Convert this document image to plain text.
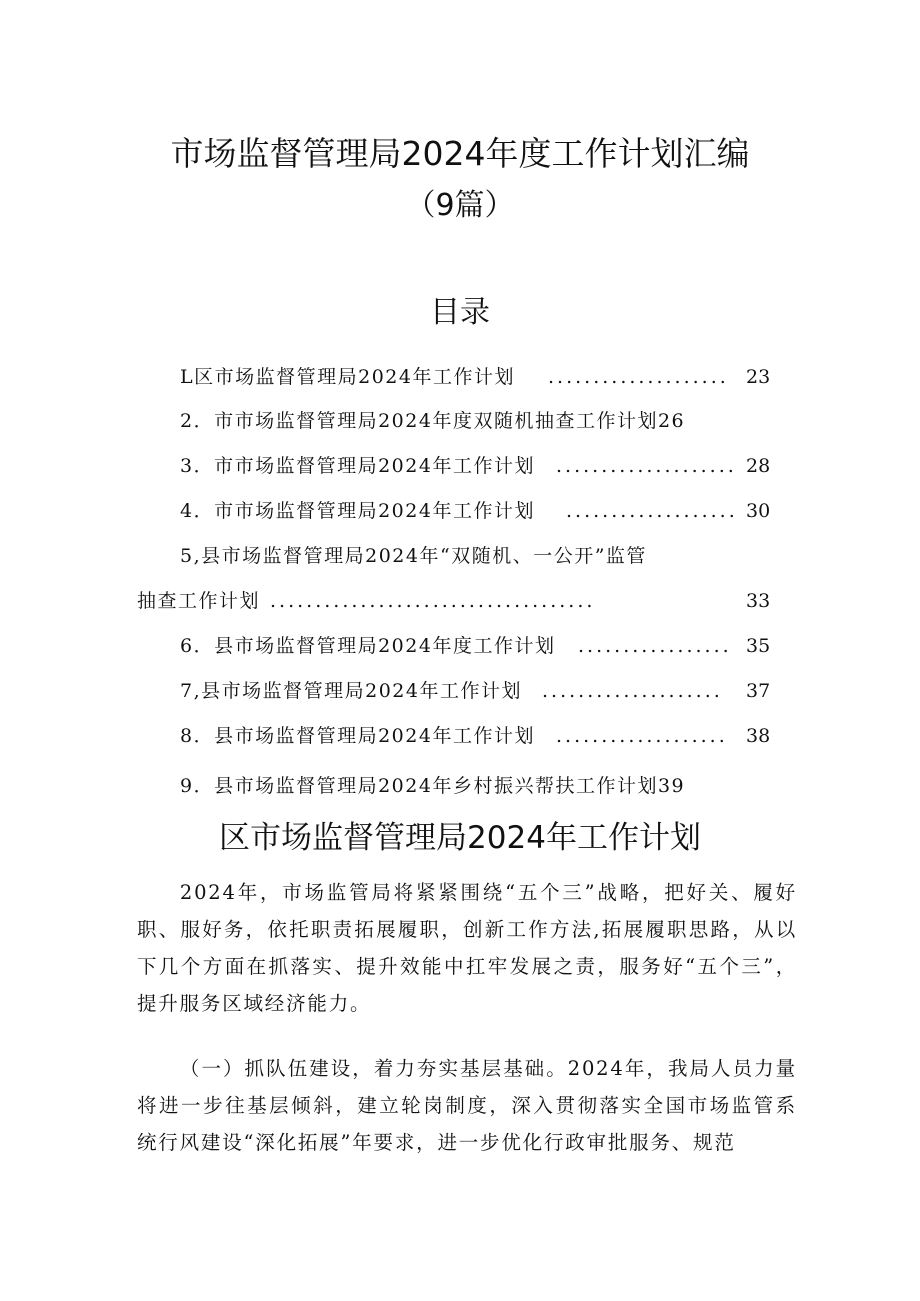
市场监督管理局2024年度工作计划汇编
（9篇）
目录
L区市场监督管理局2024年工作计划 .................... 23
2．市市场监督管理局2024年度双随机抽查工作计划26
3．市市场监督管理局2024年工作计划 .................... 28
4．市市场监督管理局2024年工作计划 ................... 30
5,县市场监督管理局2024年“双随机、一公开”监管
抽查工作计划 ....................................	33
6．县市场监督管理局2024年度工作计划 ................. 35
7,县市场监督管理局2024年工作计划 ....................	37
8．县市场监督管理局2024年工作计划 ................... 38
9．县市场监督管理局2024年乡村振兴帮扶工作计划39
区市场监督管理局2024年工作计划

2024年，市场监管局将紧紧围绕“五个三”战略，把好关、履好职、服好务，依托职责拓展履职，创新工作方法,拓展履职思路，从以下几个方面在抓落实、提升效能中扛牢发展之责，服务好“五个三”，提升服务区域经济能力。

（一）抓队伍建设，着力夯实基层基础。2024年，我局人员力量将进一步往基层倾斜，建立轮岗制度，深入贯彻落实全国市场监管系统行风建设“深化拓展”年要求，进一步优化行政审批服务、规范
